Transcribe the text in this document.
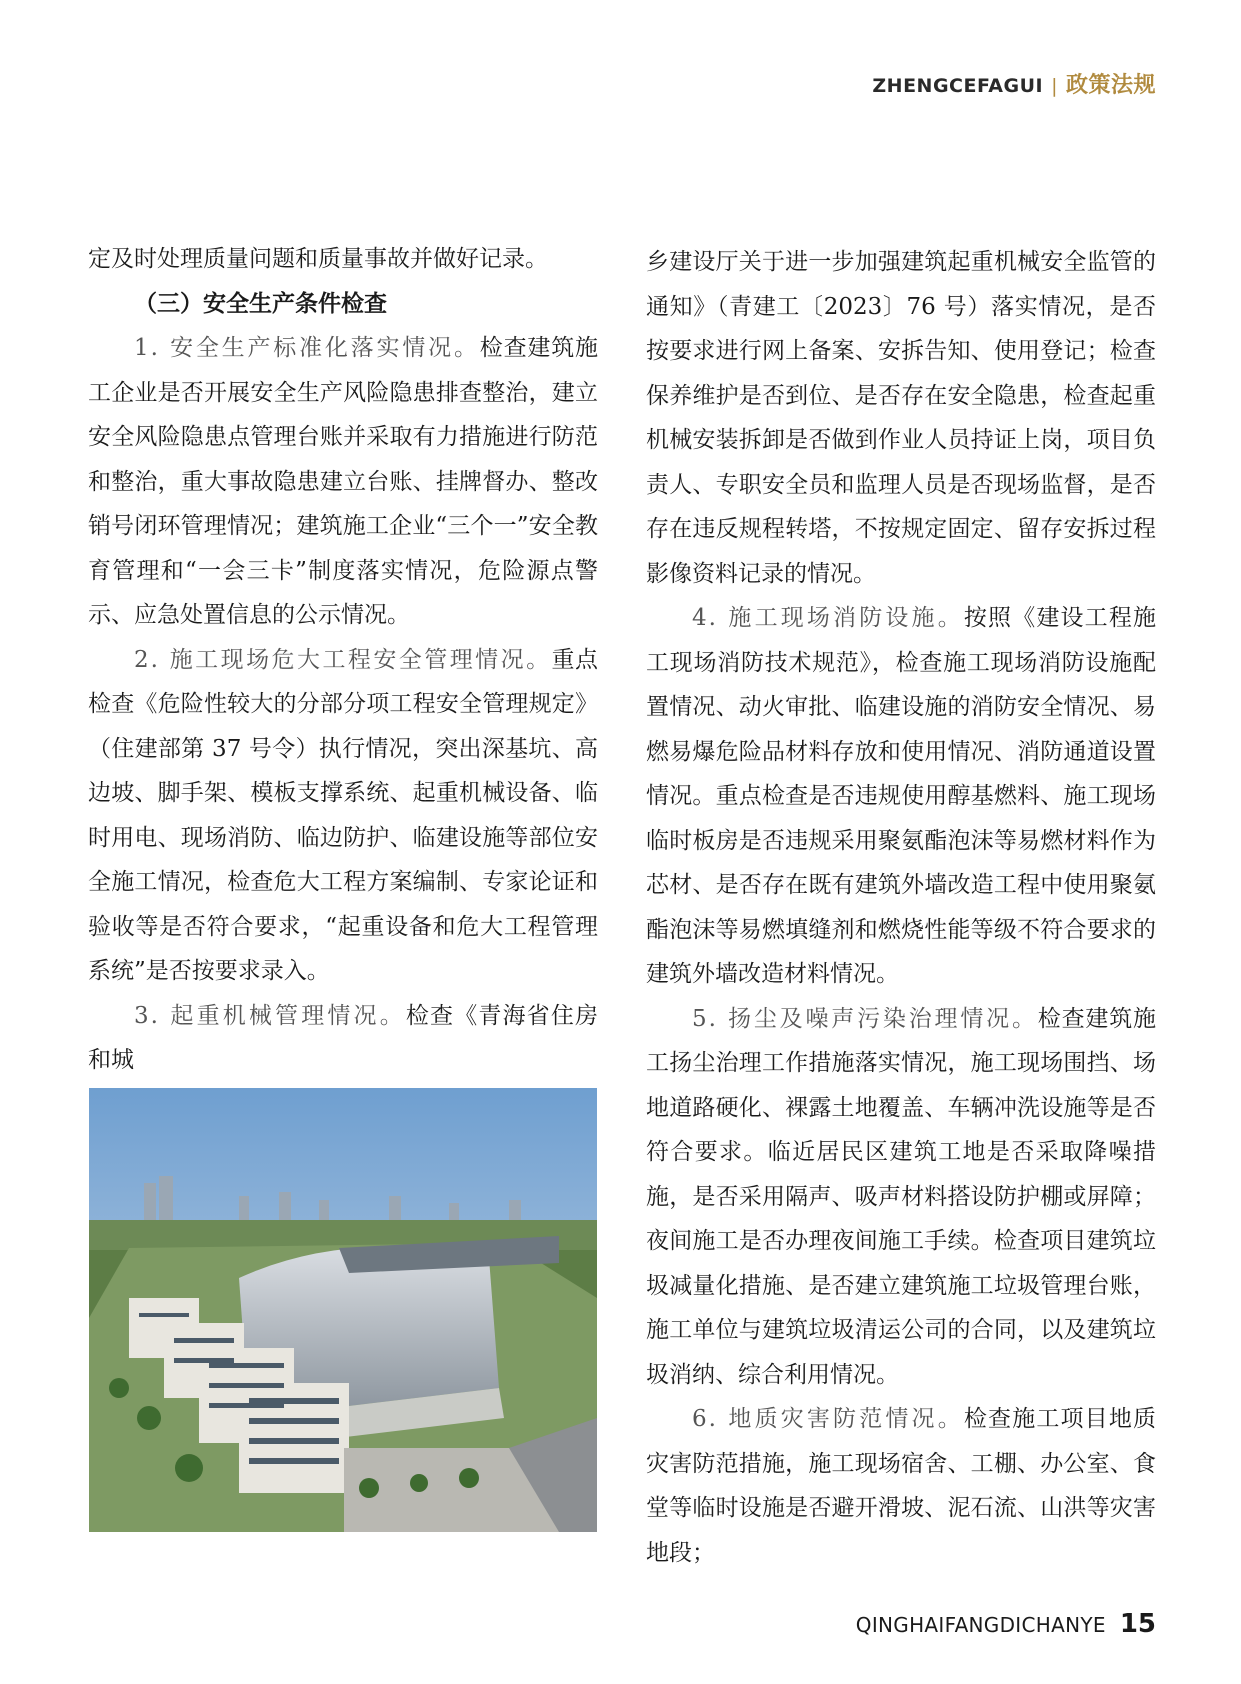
ZHENGCEFAGUI | 政策法规

定及时处理质量问题和质量事故并做好记录。

（三）安全生产条件检查

1. 安全生产标准化落实情况。检查建筑施工企业是否开展安全生产风险隐患排查整治，建立安全风险隐患点管理台账并采取有力措施进行防范和整治，重大事故隐患建立台账、挂牌督办、整改销号闭环管理情况；建筑施工企业“三个一”安全教育管理和“一会三卡”制度落实情况，危险源点警示、应急处置信息的公示情况。

2. 施工现场危大工程安全管理情况。重点检查《危险性较大的分部分项工程安全管理规定》（住建部第 37 号令）执行情况，突出深基坑、高边坡、脚手架、模板支撑系统、起重机械设备、临时用电、现场消防、临边防护、临建设施等部位安全施工情况，检查危大工程方案编制、专家论证和验收等是否符合要求，“起重设备和危大工程管理系统”是否按要求录入。

3. 起重机械管理情况。检查《青海省住房和城

乡建设厅关于进一步加强建筑起重机械安全监管的通知》（青建工〔2023〕76 号）落实情况，是否按要求进行网上备案、安拆告知、使用登记；检查保养维护是否到位、是否存在安全隐患，检查起重机械安装拆卸是否做到作业人员持证上岗，项目负责人、专职安全员和监理人员是否现场监督，是否存在违反规程转塔，不按规定固定、留存安拆过程影像资料记录的情况。

4. 施工现场消防设施。按照《建设工程施工现场消防技术规范》，检查施工现场消防设施配置情况、动火审批、临建设施的消防安全情况、易燃易爆危险品材料存放和使用情况、消防通道设置情况。重点检查是否违规使用醇基燃料、施工现场临时板房是否违规采用聚氨酯泡沫等易燃材料作为芯材、是否存在既有建筑外墙改造工程中使用聚氨酯泡沫等易燃填缝剂和燃烧性能等级不符合要求的建筑外墙改造材料情况。

5. 扬尘及噪声污染治理情况。检查建筑施工扬尘治理工作措施落实情况，施工现场围挡、场地道路硬化、裸露土地覆盖、车辆冲洗设施等是否符合要求。临近居民区建筑工地是否采取降噪措施，是否采用隔声、吸声材料搭设防护棚或屏障；夜间施工是否办理夜间施工手续。检查项目建筑垃圾减量化措施、是否建立建筑施工垃圾管理台账，施工单位与建筑垃圾清运公司的合同，以及建筑垃圾消纳、综合利用情况。

6. 地质灾害防范情况。检查施工项目地质灾害防范措施，施工现场宿舍、工棚、办公室、食堂等临时设施是否避开滑坡、泥石流、山洪等灾害地段；

QINGHAIFANGDICHANYE 15
